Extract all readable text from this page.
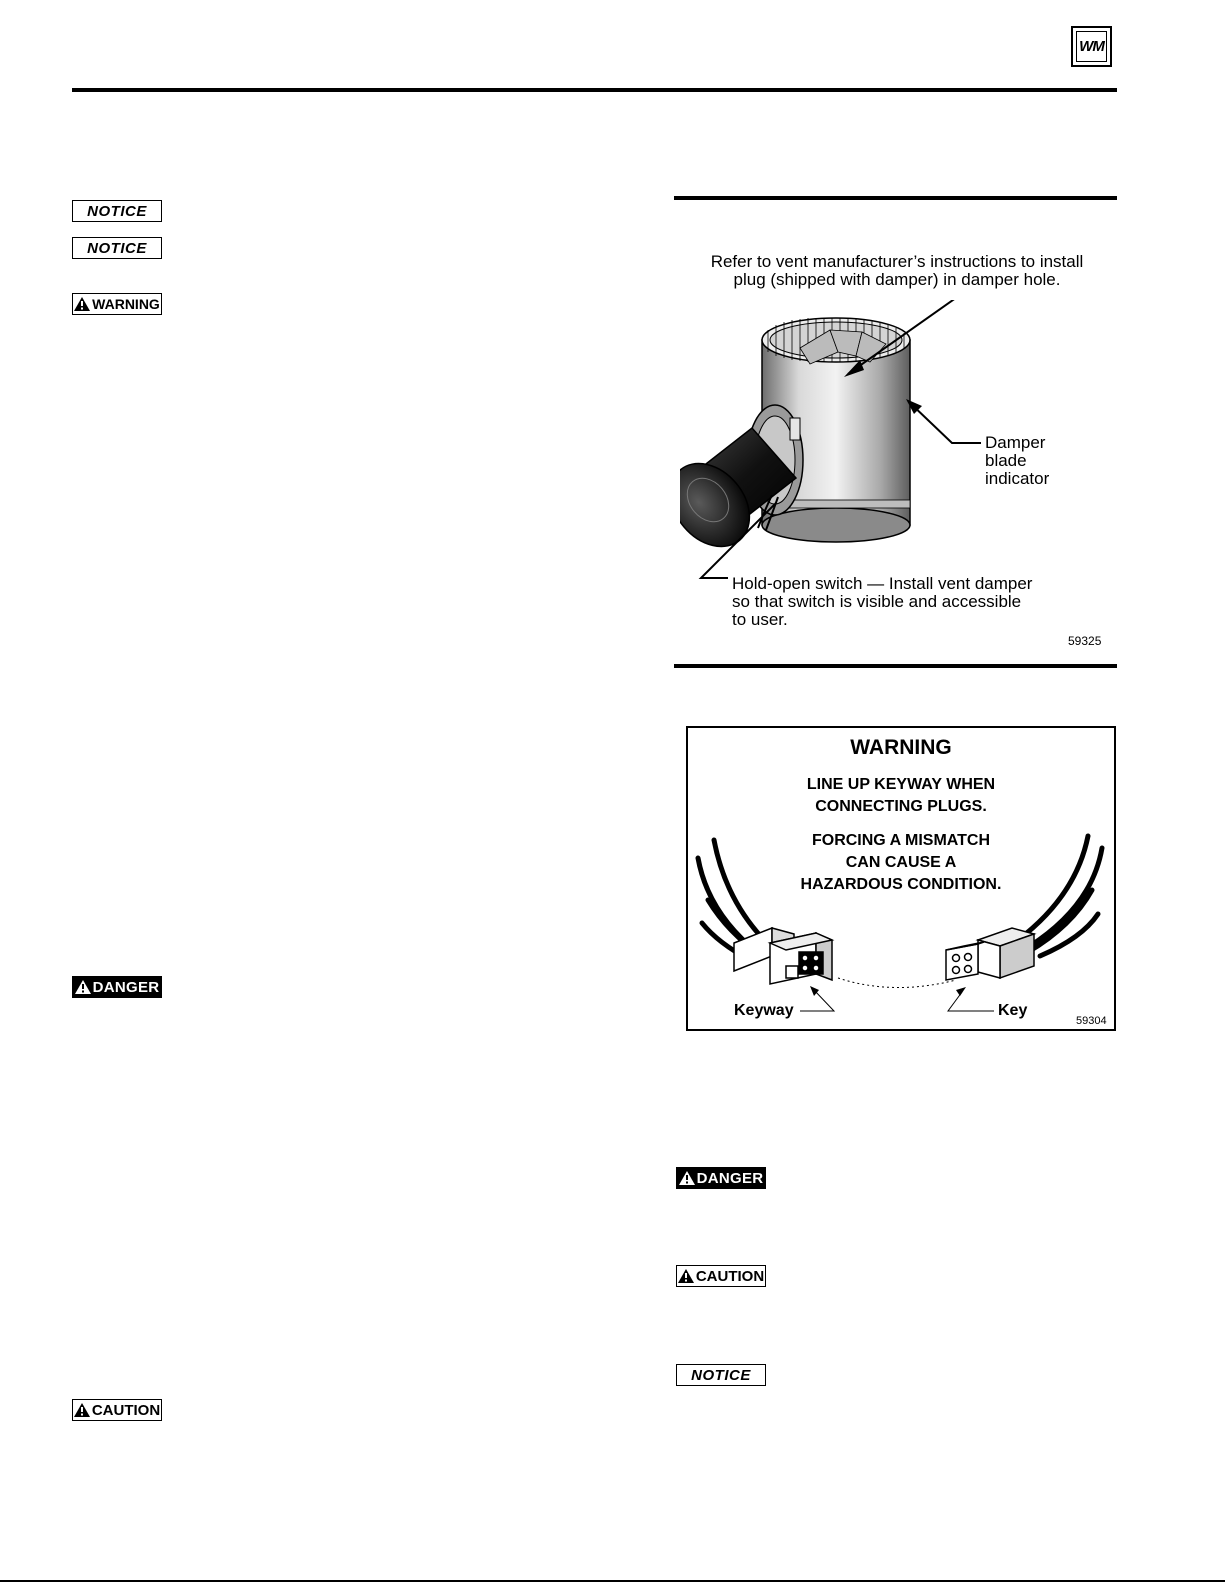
WM
NOTICE
NOTICE
WARNING
DANGER
CAUTION
Refer to vent manufacturer’s instructions to install
plug (shipped with damper) in damper hole.
Damper
blade
indicator
Hold-open switch — Install vent damper
so that switch is visible and accessible
to user.
59325
WARNING
LINE UP KEYWAY WHEN
CONNECTING PLUGS.
FORCING A MISMATCH
CAN CAUSE A
HAZARDOUS CONDITION.
Keyway	Key
59304
DANGER
CAUTION
NOTICE
